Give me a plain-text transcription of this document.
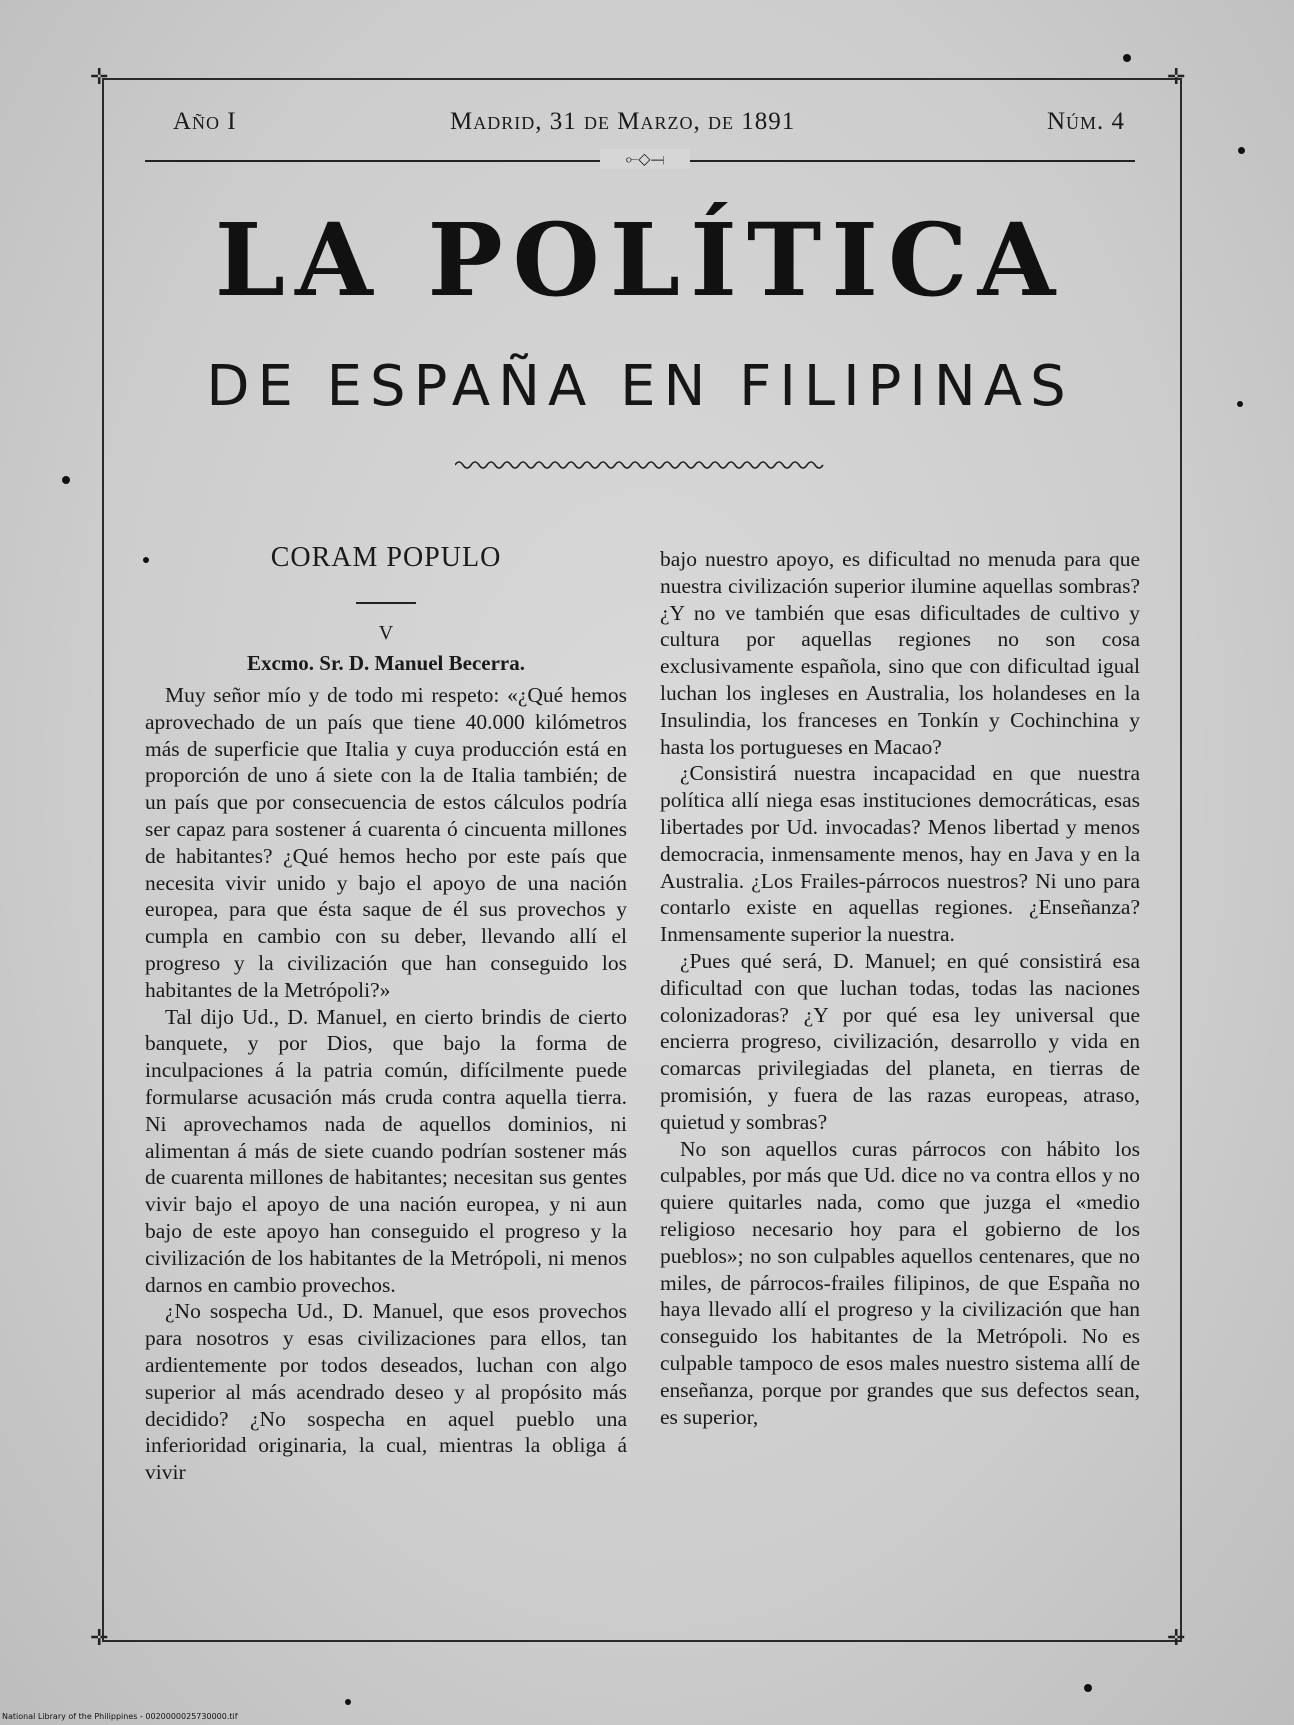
✛	✛
✛	✛
Año I	Madrid, 31 de Marzo, de 1891	Núm. 4
⟜◇⟞
LA POLÍTICA
DE ESPAÑA EN FILIPINAS
CORAM POPULO
V
Excmo. Sr. D. Manuel Becerra.

Muy señor mío y de todo mi respeto: «¿Qué hemos aprovechado de un país que tiene 40.000 kilómetros más de superficie que Italia y cuya producción está en proporción de uno á siete con la de Italia también; de un país que por consecuencia de estos cálculos podría ser capaz para sostener á cuarenta ó cincuenta millones de habitantes? ¿Qué hemos hecho por este país que necesita vivir unido y bajo el apoyo de una nación europea, para que ésta saque de él sus provechos y cumpla en cambio con su deber, llevando allí el progreso y la civilización que han conseguido los habitantes de la Metrópoli?»

Tal dijo Ud., D. Manuel, en cierto brindis de cierto banquete, y por Dios, que bajo la forma de inculpaciones á la patria común, difícilmente puede formularse acusación más cruda contra aquella tierra. Ni aprovechamos nada de aquellos dominios, ni alimentan á más de siete cuando podrían sostener más de cuarenta millones de habitantes; necesitan sus gentes vivir bajo el apoyo de una nación europea, y ni aun bajo de este apoyo han conseguido el progreso y la civilización de los habitantes de la Metrópoli, ni menos darnos en cambio provechos.

¿No sospecha Ud., D. Manuel, que esos provechos para nosotros y esas civilizaciones para ellos, tan ardientemente por todos deseados, luchan con algo superior al más acendrado deseo y al propósito más decidido? ¿No sospecha en aquel pueblo una inferioridad originaria, la cual, mientras la obliga á vivir

bajo nuestro apoyo, es dificultad no menuda para que nuestra civilización superior ilumine aquellas sombras? ¿Y no ve también que esas dificultades de cultivo y cultura por aquellas regiones no son cosa exclusivamente española, sino que con dificultad igual luchan los ingleses en Australia, los holandeses en la Insulindia, los franceses en Tonkín y Cochinchina y hasta los portugueses en Macao?

¿Consistirá nuestra incapacidad en que nuestra política allí niega esas instituciones democráticas, esas libertades por Ud. invocadas? Menos libertad y menos democracia, inmensamente menos, hay en Java y en la Australia. ¿Los Frailes-párrocos nuestros? Ni uno para contarlo existe en aquellas regiones. ¿Enseñanza? Inmensamente superior la nuestra.

¿Pues qué será, D. Manuel; en qué consistirá esa dificultad con que luchan todas, todas las naciones colonizadoras? ¿Y por qué esa ley universal que encierra progreso, civilización, desarrollo y vida en comarcas privilegiadas del planeta, en tierras de promisión, y fuera de las razas europeas, atraso, quietud y sombras?

No son aquellos curas párrocos con hábito los culpables, por más que Ud. dice no va contra ellos y no quiere quitarles nada, como que juzga el «medio religioso necesario hoy para el gobierno de los pueblos»; no son culpables aquellos centenares, que no miles, de párrocos-frailes filipinos, de que España no haya llevado allí el progreso y la civilización que han conseguido los habitantes de la Metrópoli. No es culpable tampoco de esos males nuestro sistema allí de enseñanza, porque por grandes que sus defectos sean, es superior,

National Library of the Philippines - 0020000025730000.tif
